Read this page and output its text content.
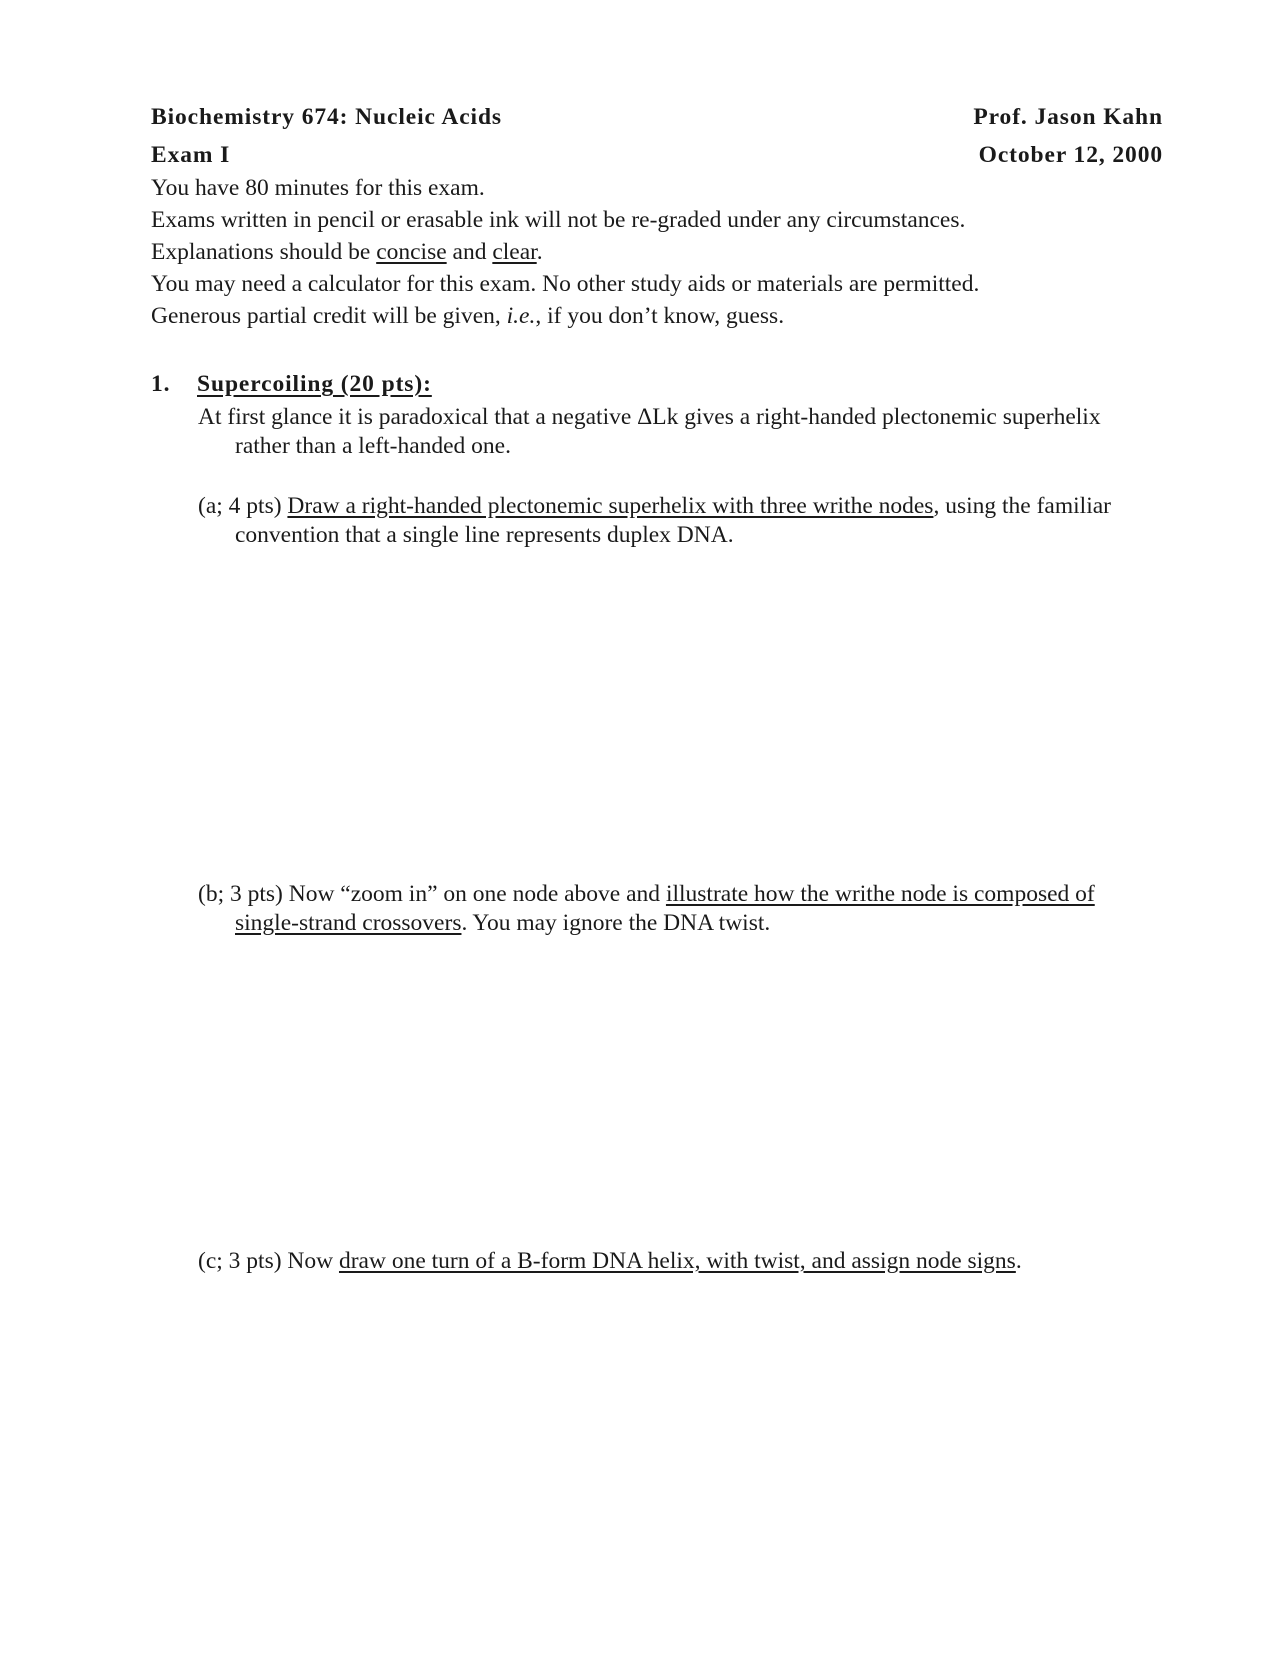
Biochemistry 674: Nucleic Acids	Prof. Jason Kahn
Exam I	October 12, 2000
You have 80 minutes for this exam.
Exams written in pencil or erasable ink will not be re-graded under any circumstances.
Explanations should be concise and clear.
You may need a calculator for this exam. No other study aids or materials are permitted.
Generous partial credit will be given, i.e., if you don’t know, guess.
1. Supercoiling (20 pts):
At first glance it is paradoxical that a negative ΔLk gives a right-handed plectonemic superhelix
rather than a left-handed one.
(a; 4 pts) Draw a right-handed plectonemic superhelix with three writhe nodes, using the familiar
convention that a single line represents duplex DNA.
(b; 3 pts) Now “zoom in” on one node above and illustrate how the writhe node is composed of
single-strand crossovers. You may ignore the DNA twist.
(c; 3 pts) Now draw one turn of a B-form DNA helix, with twist, and assign node signs.
